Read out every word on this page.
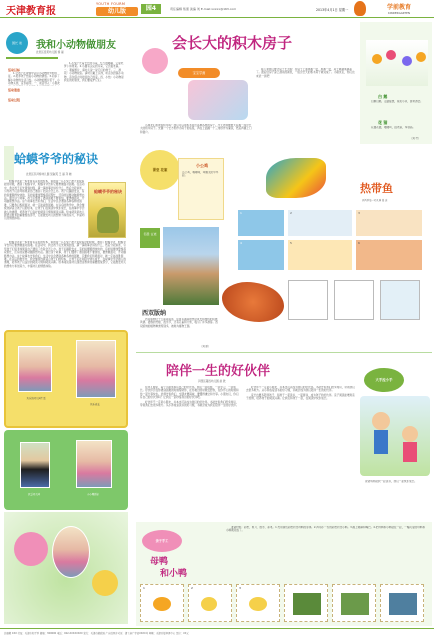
天津教育报
YOUTH FOURM
幼儿版	园4	责任编辑 熊蕾 美编 刘 E-mail:xxxxx@163.com	2013年4月1日 星期一	学前教育
KINDERGARTEN
园长 谈	我和小动物做朋友
北辰区佳苑幼儿园 徐 丽
活动目标

1.让孩子在观察中认识小动物的外形特征。2.培养孩子热爱小动物的情感。3.初步了解小动物的生活习性。小动物的图片若干，小动物头饰，音乐磁带。一、谈话导入：小朋友

活动准备
活动过程

1.小兔子长着长长的耳朵，红红的眼睛，它爱吃萝卜和青菜。2.小猫有尖尖的耳朵，它会捉老鼠。二、观看图片，请幼儿说一说它们的样子。三、游戏：小动物找家。请幼儿戴上头饰，听音乐扮演小动物，音乐停止时找到自己的家。四、小结：小动物是我们的好朋友，我们要爱护它们。

蛤蟆爷爷的秘诀
北辰区引河桥幼儿园 吴淑英 王 丽 齐 晓

蛤蟆爷爷是一本非常有意思的绘本，讲的是一只小兔子被大灰狼追赶的时候，遇到了蛤蟆爷爷，蛤蟆爷爷告诉它要勇敢面对困难。在活动中，我让孩子们先观察封面，猜一猜故事会讲些什么，然后分段讲述，引导孩子们思考如果是自己遇到了危险会怎么办。孩子们踊跃发言，有的说要跑得快快的，有的说要找警察叔叔帮忙，还有的说要动脑筋想办法。通过这个故事，孩子们懂得了遇到困难不要害怕，要勇敢面对，开动脑筋想办法。这个故事也告诉我们，生活中总会遇到各种各样的困难，只要我们积极面对，就一定能战胜困难。在以后的教学中，我会继续选择适合孩子们的绘本，让孩子们在阅读中快乐成长，在故事中学会做人的道理，培养孩子们良好的阅读习惯和阅读兴趣。绘本阅读是幼儿园语言教育的重要组成部分，它能激发幼儿的想象力和创造力，丰富幼儿的情感体验。

蛤蟆爷爷的秘诀

蛤蟆爷爷是一本非常有意思的绘本，讲的是一只小兔子被大灰狼追赶的时候，遇到了蛤蟆爷爷，蛤蟆爷爷告诉它要勇敢面对困难。在活动中，我让孩子们先观察封面，猜一猜故事会讲些什么，然后分段讲述，引导孩子们思考如果是自己遇到了危险会怎么办。孩子们踊跃发言，有的说要跑得快快的，有的说要找警察叔叔帮忙，还有的说要动脑筋想办法。通过这个故事，孩子们懂得了遇到困难不要害怕，要勇敢面对，开动脑筋想办法。这个故事也告诉我们，生活中总会遇到各种各样的困难，只要我们积极面对，就一定能战胜困难。在以后的教学中，我会继续选择适合孩子们的绘本，让孩子们在阅读中快乐成长，在故事中学会做人的道理，培养孩子们良好的阅读习惯和阅读兴趣。绘本阅读是幼儿园语言教育的重要组成部分，它能激发幼儿的想象力和创造力，丰富幼儿的情感体验。

欢乐的幼儿园生活
快乐成长
我爱幼儿园	小小舞蹈家
会长大的积木房子
宝宝学画

小朋友们喜欢搭积木吗？我们可以用积木搭出各种各样的房子。今天老师要教大家画一座会长大的积木房子。先画一个长方形作为房子的底座，再在上面画一个三角形作为屋顶，然后再画上门和窗户。

接下来我们要让房子长大啦！在房子上面再画一层，再画一层，房子就越来越高了。最后给房子涂上漂亮的颜色，一座会长大的积木房子就完成了。小朋友们，你们也来试一试吧！

白 鹅

白鹅白鹅，走路摇摆，看见小河，游来游去。

花 猫

花猫花猫，喵喵叫，捉老鼠，本领高。

（刘 莹）
课堂 花絮
小公鸡
小公鸡，喔喔啼，叫醒太阳早早起。
热带鱼
河西区第一幼儿园 张 洁
1	2	3
4	5	6
名胜 古迹
西双版纳

西双版纳位于云南省南部，这里有美丽的热带风光和独特的民族风情。傣族的竹楼、泼水节，还有孔雀和大象，吸引了许多游客。西双版纳的植物种类特别多，被称为植物王国。

（刘 丽）
陪伴一生的好伙伴
河西区第四幼儿园 赵 欣

在幼儿园里，每个小朋友都有自己的好伙伴。他们一起玩耍，一起学习，一起成长。好伙伴会在你遇到困难的时候帮助你，在你难过的时候安慰你，在你开心的时候和你一起分享快乐。老师告诉我们，交朋友要真诚，要懂得谦让和分享。小朋友们，你们有自己的好伙伴吗？让我们一起珍惜身边的好伙伴吧。

好伙伴不一定是小朋友，书本也可以成为我们的好伙伴。书能告诉我们很多知识，带领我们去很多地方。从小养成爱读书的好习惯，书就会成为我们陪伴一生的好伙伴。

好伙伴不一定是小朋友，书本也可以成为我们的好伙伴。书能告诉我们很多知识，带领我们去很多地方。从小养成爱读书的好习惯，书就会成为我们陪伴一生的好伙伴。

家长也要多陪伴孩子，和孩子一起读书，一起游戏，成为孩子的好伙伴。亲子阅读能增进亲子感情，培养孩子的阅读兴趣。让我们和孩子一起，在阅读中快乐成长。

大手拉小手

爸爸妈妈陪我一起读书，我们一起快乐成长。

亲子手工
母鸭
和小鸭

准备材料：彩纸、剪刀、胶水、彩笔。1.先用黄色彩纸折出母鸭的身体。2.再用小一些的彩纸折出小鸭。3.画上眼睛和嘴巴。4.把母鸭和小鸭贴在一起，一幅可爱的母鸭和小鸭就完成了。

1	2	3	4	5	6
总编辑 XXX 社址：天津市和平区 邮编：300000 电话：022-XXXXXXXX 发行：天津市邮政局 广告经营许可证：津工商广字第XXXX号 印刷：天津日报印务中心 定价：XX元
